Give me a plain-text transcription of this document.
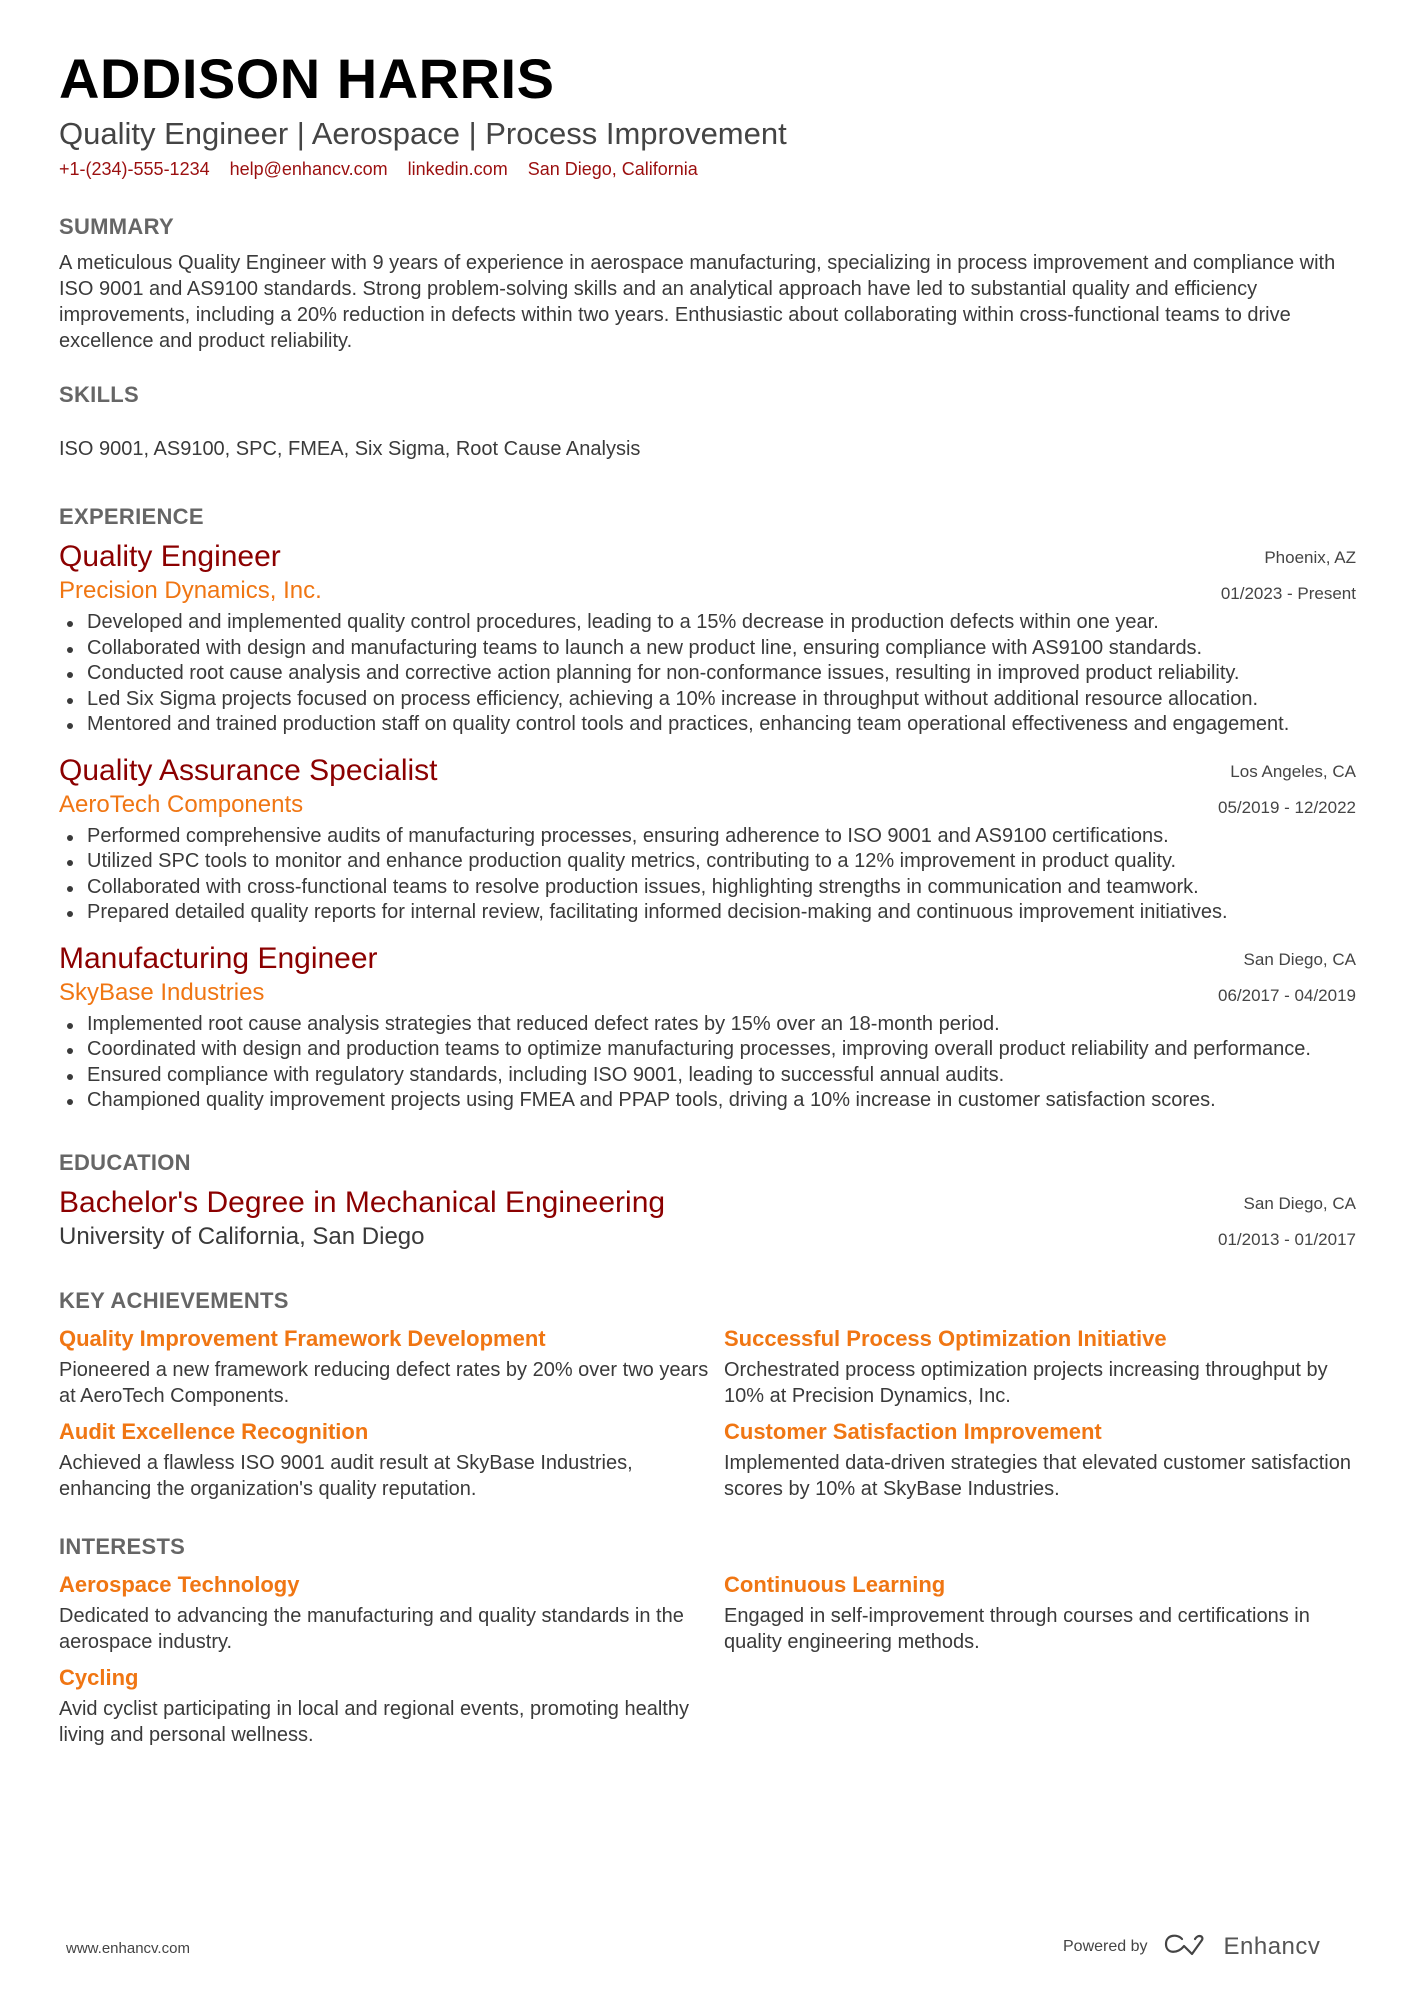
ADDISON HARRIS
Quality Engineer | Aerospace | Process Improvement
+1-(234)-555-1234 help@enhancv.com linkedin.com San Diego, California
SUMMARY
A meticulous Quality Engineer with 9 years of experience in aerospace manufacturing, specializing in process improvement and compliance with ISO 9001 and AS9100 standards. Strong problem-solving skills and an analytical approach have led to substantial quality and efficiency improvements, including a 20% reduction in defects within two years. Enthusiastic about collaborating within cross-functional teams to drive excellence and product reliability.
SKILLS
ISO 9001, AS9100, SPC, FMEA, Six Sigma, Root Cause Analysis
EXPERIENCE
Quality Engineer
Precision Dynamics, Inc.
Phoenix, AZ
01/2023 - Present
Developed and implemented quality control procedures, leading to a 15% decrease in production defects within one year.
Collaborated with design and manufacturing teams to launch a new product line, ensuring compliance with AS9100 standards.
Conducted root cause analysis and corrective action planning for non-conformance issues, resulting in improved product reliability.
Led Six Sigma projects focused on process efficiency, achieving a 10% increase in throughput without additional resource allocation.
Mentored and trained production staff on quality control tools and practices, enhancing team operational effectiveness and engagement.
Quality Assurance Specialist
AeroTech Components
Los Angeles, CA
05/2019 - 12/2022
Performed comprehensive audits of manufacturing processes, ensuring adherence to ISO 9001 and AS9100 certifications.
Utilized SPC tools to monitor and enhance production quality metrics, contributing to a 12% improvement in product quality.
Collaborated with cross-functional teams to resolve production issues, highlighting strengths in communication and teamwork.
Prepared detailed quality reports for internal review, facilitating informed decision-making and continuous improvement initiatives.
Manufacturing Engineer
SkyBase Industries
San Diego, CA
06/2017 - 04/2019
Implemented root cause analysis strategies that reduced defect rates by 15% over an 18-month period.
Coordinated with design and production teams to optimize manufacturing processes, improving overall product reliability and performance.
Ensured compliance with regulatory standards, including ISO 9001, leading to successful annual audits.
Championed quality improvement projects using FMEA and PPAP tools, driving a 10% increase in customer satisfaction scores.
EDUCATION
Bachelor's Degree in Mechanical Engineering
University of California, San Diego
San Diego, CA
01/2013 - 01/2017
KEY ACHIEVEMENTS
Quality Improvement Framework Development
Pioneered a new framework reducing defect rates by 20% over two years at AeroTech Components.
Successful Process Optimization Initiative
Orchestrated process optimization projects increasing throughput by 10% at Precision Dynamics, Inc.
Audit Excellence Recognition
Achieved a flawless ISO 9001 audit result at SkyBase Industries, enhancing the organization's quality reputation.
Customer Satisfaction Improvement
Implemented data-driven strategies that elevated customer satisfaction scores by 10% at SkyBase Industries.
INTERESTS
Aerospace Technology
Dedicated to advancing the manufacturing and quality standards in the aerospace industry.
Continuous Learning
Engaged in self-improvement through courses and certifications in quality engineering methods.
Cycling
Avid cyclist participating in local and regional events, promoting healthy living and personal wellness.
www.enhancv.com	Powered by	Enhancv
